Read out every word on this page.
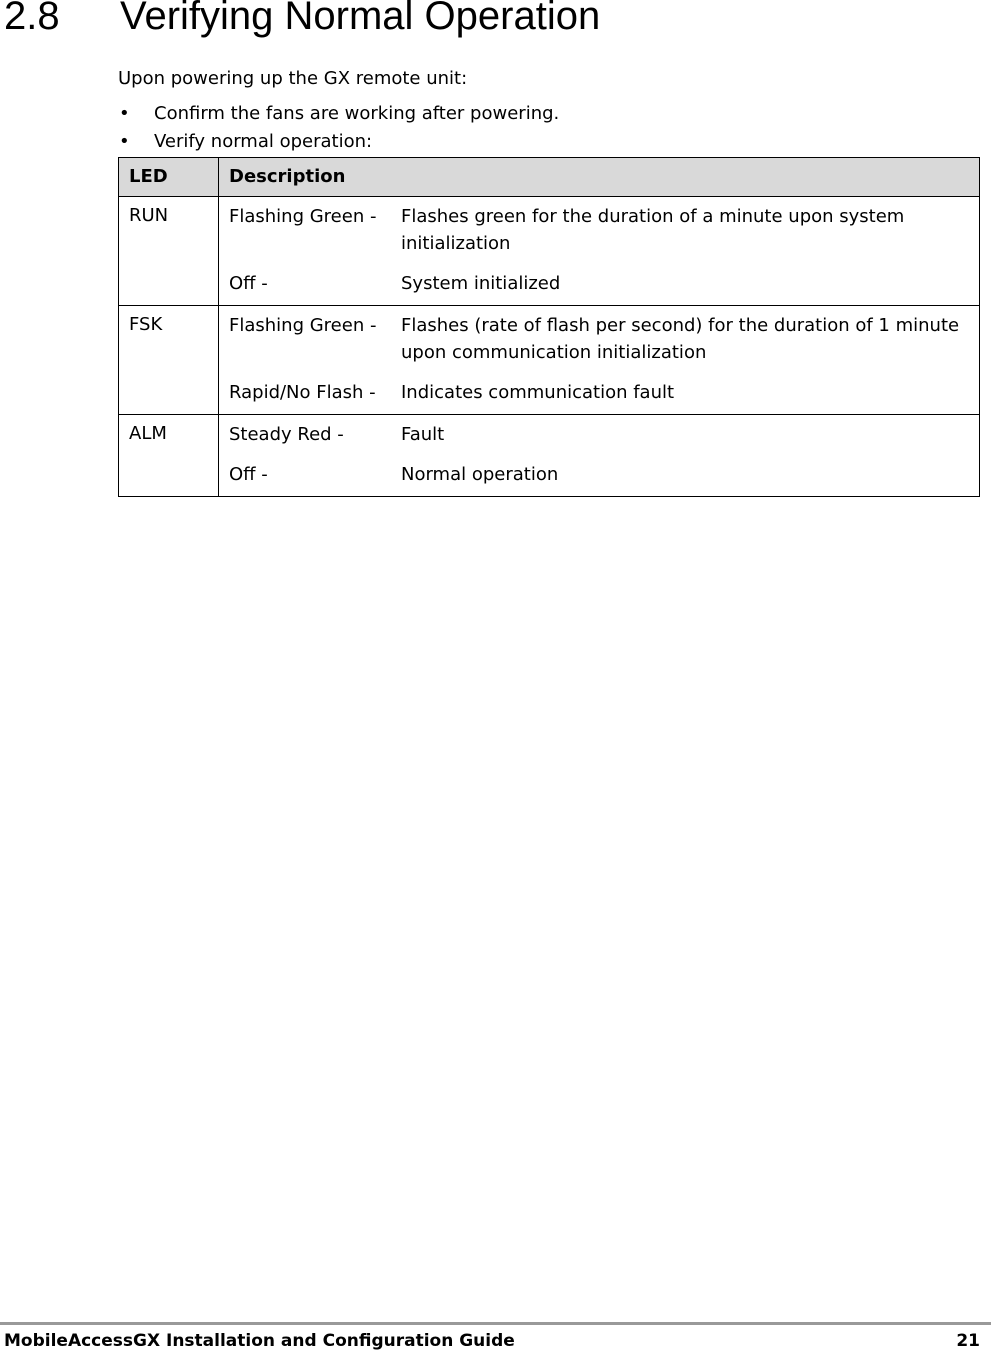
2.8 Verifying Normal Operation
Upon powering up the GX remote unit:
• Confirm the fans are working after powering.
• Verify normal operation:
LED	Description
RUN	Flashing Green - Flashes green for the duration of a minute upon system initialization
Off - System initialized

FSK	Flashing Green - Flashes (rate of flash per second) for the duration of 1 minute upon communication initialization
Rapid/No Flash - Indicates communication fault

ALM	Steady Red - Fault
Off - Normal operation
MobileAccessGX Installation and Configuration Guide	21
